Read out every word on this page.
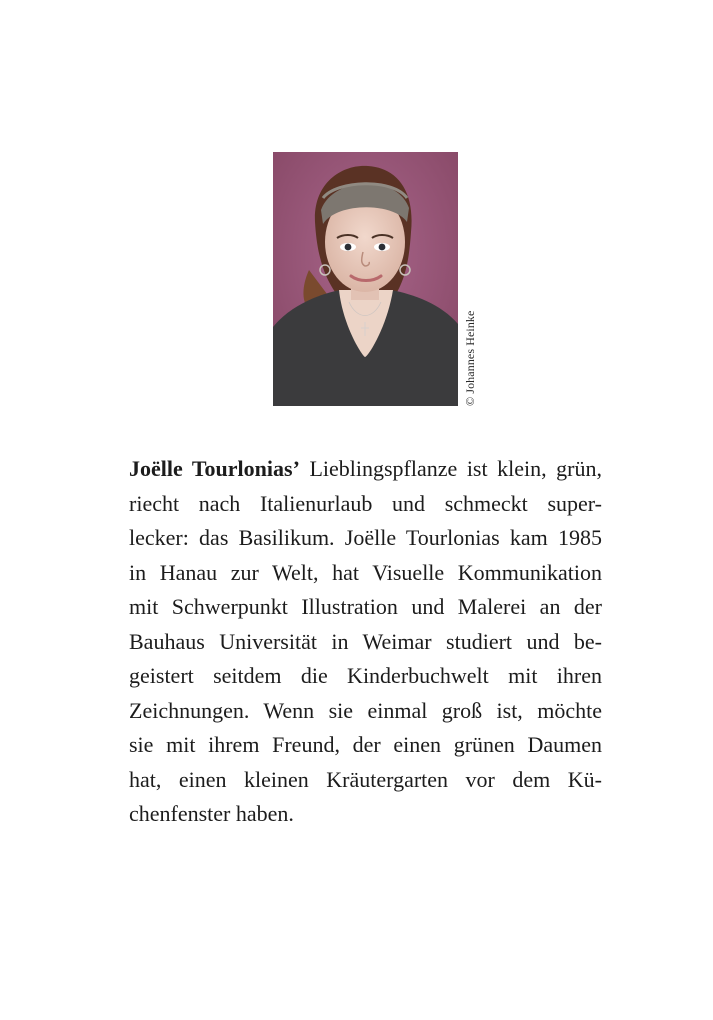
© Johannes Heinke

Joëlle Tourlonias’ Lieblingspflanze ist klein, grün,
riecht nach Italienurlaub und schmeckt super-
lecker: das Basilikum. Joëlle Tourlonias kam 1985
in Hanau zur Welt, hat Visuelle Kommunikation
mit Schwerpunkt Illustration und Malerei an der
Bauhaus Universität in Weimar studiert und be-
geistert seitdem die Kinderbuchwelt mit ihren
Zeichnungen. Wenn sie einmal groß ist, möchte
sie mit ihrem Freund, der einen grünen Daumen
hat, einen kleinen Kräutergarten vor dem Kü-
chenfenster haben.
